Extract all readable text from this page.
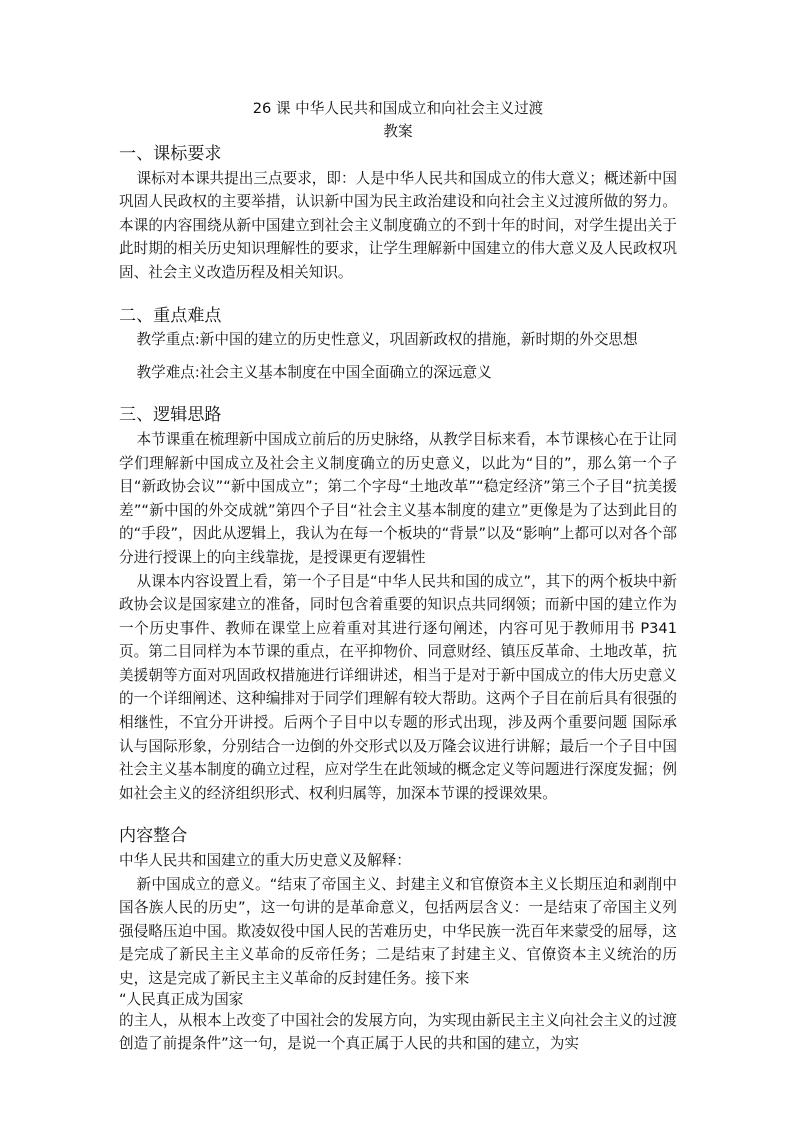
26 课 中华人民共和国成立和向社会主义过渡
教案
一、课标要求

课标对本课共提出三点要求，即：人是中华人民共和国成立的伟大意义；概述新中国巩固人民政权的主要举措，认识新中国为民主政治建设和向社会主义过渡所做的努力。本课的内容围绕从新中国建立到社会主义制度确立的不到十年的时间，对学生提出关于此时期的相关历史知识理解性的要求，让学生理解新中国建立的伟大意义及人民政权巩固、社会主义改造历程及相关知识。

二、重点难点

教学重点:新中国的建立的历史性意义，巩固新政权的措施，新时期的外交思想

教学难点:社会主义基本制度在中国全面确立的深远意义

三、逻辑思路

本节课重在梳理新中国成立前后的历史脉络，从教学目标来看，本节课核心在于让同学们理解新中国成立及社会主义制度确立的历史意义，以此为“目的”，那么第一个子目“新政协会议”“新中国成立”；第二个字母“土地改革”“稳定经济”第三个子目“抗美援差”“新中国的外交成就”第四个子目“社会主义基本制度的建立”更像是为了达到此目的的“手段”，因此从逻辑上，我认为在每一个板块的“背景”以及“影响”上都可以对各个部分进行授课上的向主线靠拢，是授课更有逻辑性

从课本内容设置上看，第一个子目是“中华人民共和国的成立”，其下的两个板块中新政协会议是国家建立的准备，同时包含着重要的知识点共同纲领；而新中国的建立作为一个历史事件、教师在课堂上应着重对其进行逐句阐述，内容可见于教师用书 P341 页。第二目同样为本节课的重点，在平抑物价、同意财经、镇压反革命、土地改革，抗美援朝等方面对巩固政权措施进行详细讲述，相当于是对于新中国成立的伟大历史意义的一个详细阐述、这种编排对于同学们理解有较大帮助。这两个子目在前后具有很强的相继性，不宜分开讲授。后两个子目中以专题的形式出现，涉及两个重要问题 国际承认与国际形象，分别结合一边倒的外交形式以及万隆会议进行讲解；最后一个子目中国社会主义基本制度的确立过程，应对学生在此领域的概念定义等问题进行深度发掘；例如社会主义的经济组织形式、权利归属等，加深本节课的授课效果。

内容整合

中华人民共和国建立的重大历史意义及解释：

新中国成立的意义。“结束了帝国主义、封建主义和官僚资本主义长期压迫和剥削中国各族人民的历史”，这一句讲的是革命意义，包括两层含义：一是结束了帝国主义列强侵略压迫中国。欺凌奴役中国人民的苦难历史，中华民族一洗百年来蒙受的屈辱，这是完成了新民主主义革命的反帝任务；二是结束了封建主义、官僚资本主义统治的历史，这是完成了新民主主义革命的反封建任务。接下来

“人民真正成为国家

的主人，从根本上改变了中国社会的发展方向，为实现由新民主主义向社会主义的过渡创造了前提条件”这一句，是说一个真正属于人民的共和国的建立，为实
